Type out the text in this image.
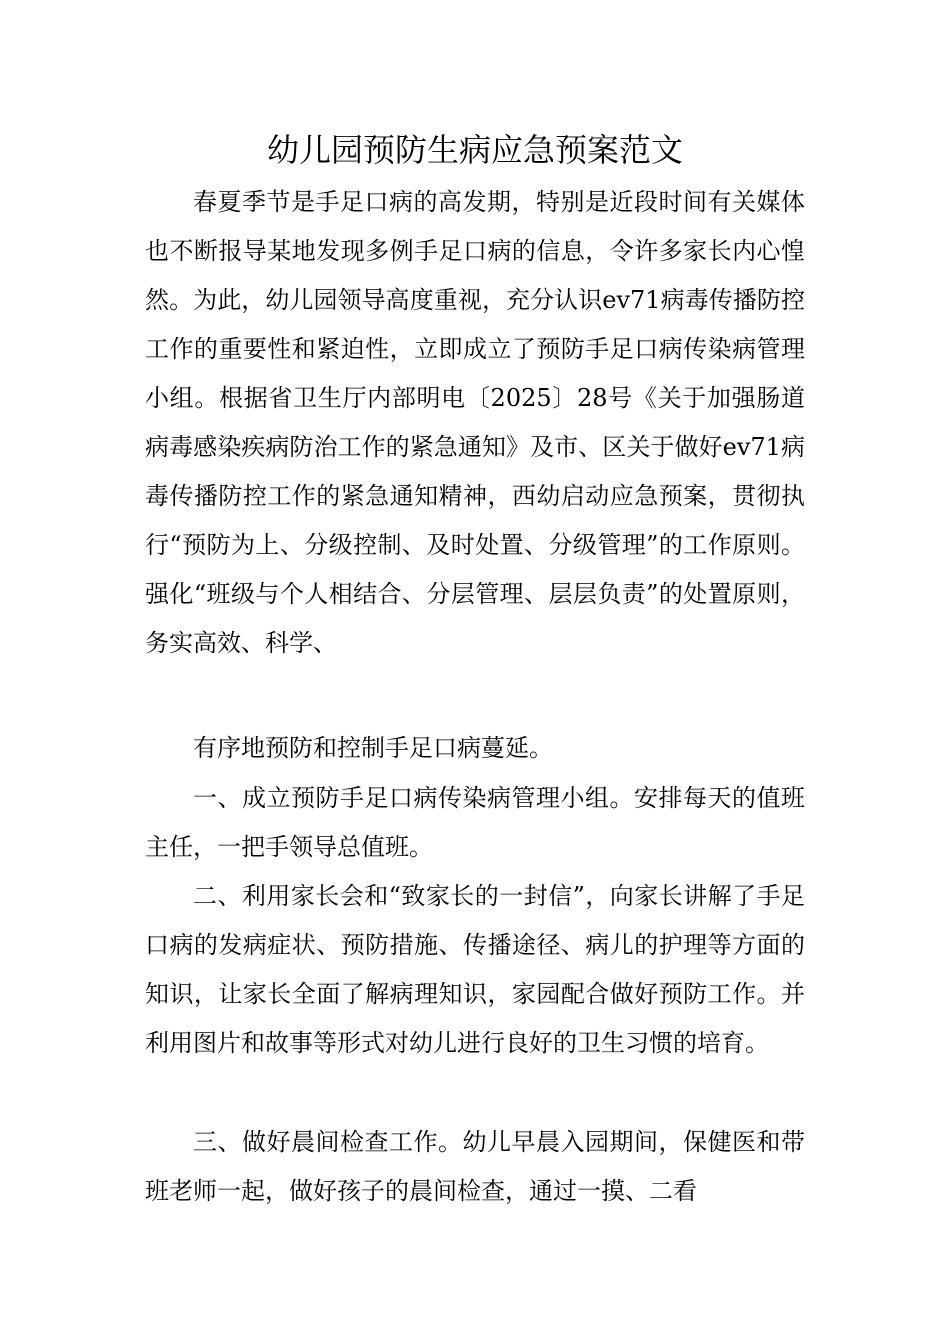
幼儿园预防生病应急预案范文

春夏季节是手足口病的高发期，特别是近段时间有关媒体也不断报导某地发现多例手足口病的信息，令许多家长内心惶然。为此，幼儿园领导高度重视，充分认识ev71病毒传播防控工作的重要性和紧迫性，立即成立了预防手足口病传染病管理小组。根据省卫生厅内部明电〔2025〕28号《关于加强肠道病毒感染疾病防治工作的紧急通知》及市、区关于做好ev71病毒传播防控工作的紧急通知精神，西幼启动应急预案，贯彻执行“预防为上、分级控制、及时处置、分级管理”的工作原则。强化“班级与个人相结合、分层管理、层层负责”的处置原则，务实高效、科学、

有序地预防和控制手足口病蔓延。

一、成立预防手足口病传染病管理小组。安排每天的值班主任，一把手领导总值班。

二、利用家长会和“致家长的一封信”，向家长讲解了手足口病的发病症状、预防措施、传播途径、病儿的护理等方面的知识，让家长全面了解病理知识，家园配合做好预防工作。并利用图片和故事等形式对幼儿进行良好的卫生习惯的培育。

三、做好晨间检查工作。幼儿早晨入园期间，保健医和带班老师一起，做好孩子的晨间检查，通过一摸、二看
